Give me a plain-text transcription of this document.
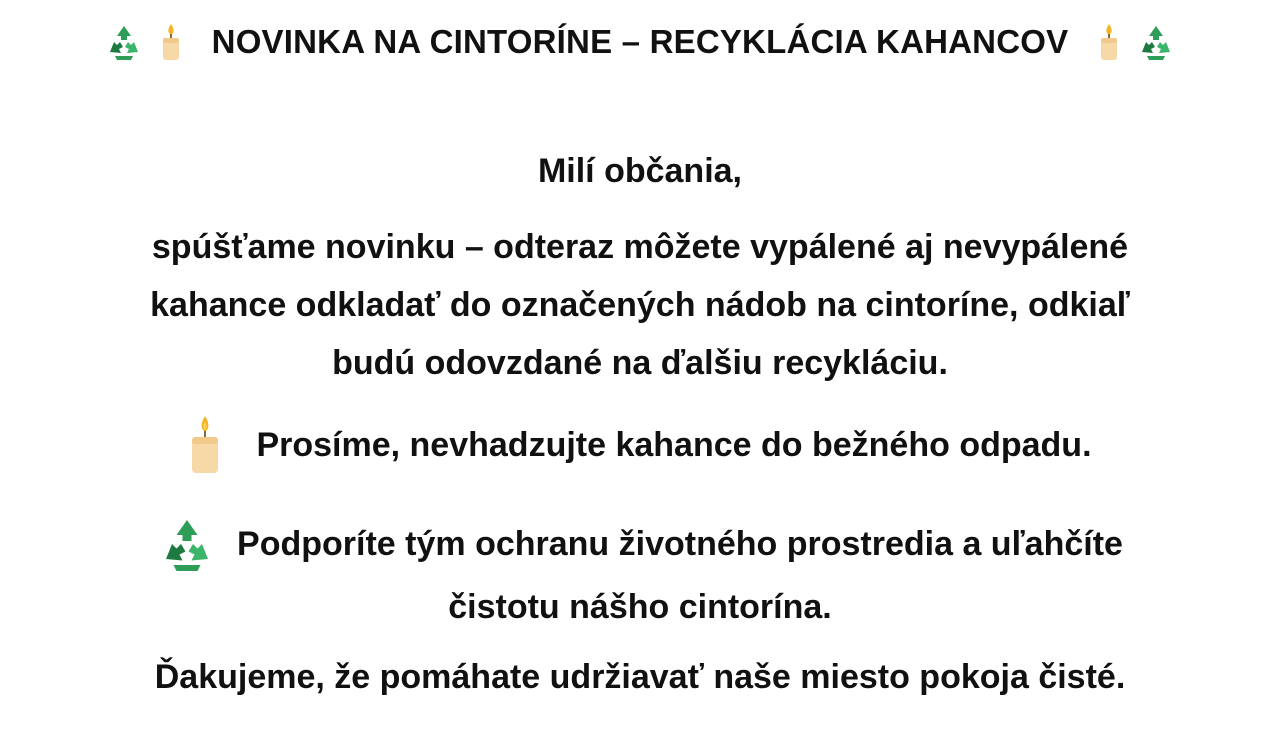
NOVINKA NA CINTORÍNE – RECYKLÁCIA KAHANCOV
Milí občania,
spúšťame novinku – odteraz môžete vypálené aj nevypálené
kahance odkladať do označených nádob na cintoríne, odkiaľ
budú odovzdané na ďalšiu recykláciu.
Prosíme, nevhadzujte kahance do bežného odpadu.
Podporíte tým ochranu životného prostredia a uľahčíte
čistotu nášho cintorína.
Ďakujeme, že pomáhate udržiavať naše miesto pokoja čisté.
